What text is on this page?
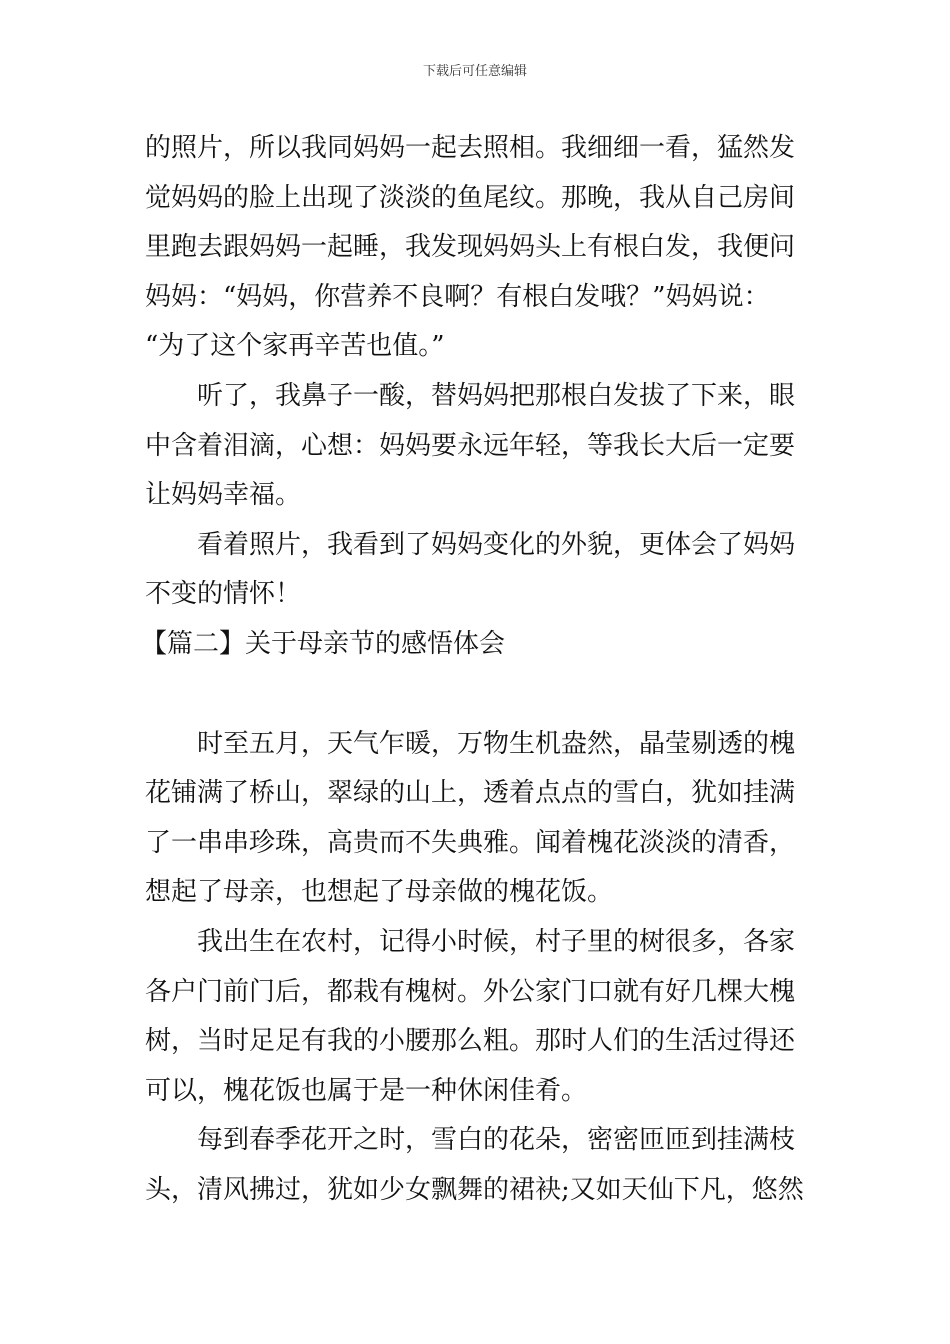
下载后可任意编辑
的照片，所以我同妈妈一起去照相。我细细一看，猛然发
觉妈妈的脸上出现了淡淡的鱼尾纹。那晚，我从自己房间
里跑去跟妈妈一起睡，我发现妈妈头上有根白发，我便问
妈妈：“妈妈，你营养不良啊？有根白发哦？”妈妈说：
“为了这个家再辛苦也值。”
听了，我鼻子一酸，替妈妈把那根白发拔了下来，眼
中含着泪滴，心想：妈妈要永远年轻，等我长大后一定要
让妈妈幸福。
看着照片，我看到了妈妈变化的外貌，更体会了妈妈
不变的情怀！
【篇二】关于母亲节的感悟体会
时至五月，天气乍暖，万物生机盎然，晶莹剔透的槐
花铺满了桥山，翠绿的山上，透着点点的雪白，犹如挂满
了一串串珍珠，高贵而不失典雅。闻着槐花淡淡的清香，
想起了母亲，也想起了母亲做的槐花饭。
我出生在农村，记得小时候，村子里的树很多，各家
各户门前门后，都栽有槐树。外公家门口就有好几棵大槐
树，当时足足有我的小腰那么粗。那时人们的生活过得还
可以，槐花饭也属于是一种休闲佳肴。
每到春季花开之时，雪白的花朵，密密匝匝到挂满枝
头，清风拂过，犹如少女飘舞的裙袂;又如天仙下凡，悠然
